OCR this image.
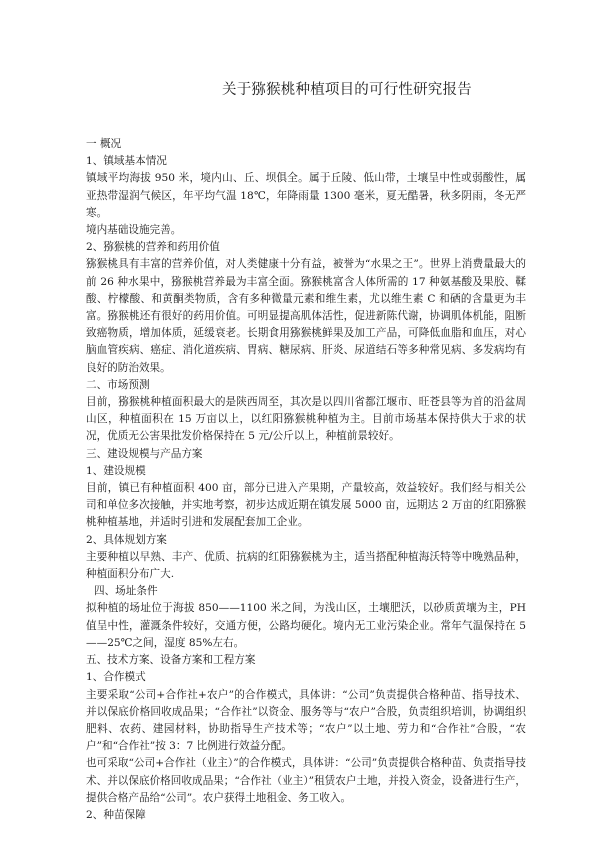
关于猕猴桃种植项目的可行性研究报告

一 概况

1、镇域基本情况

镇域平均海拔 950 米，境内山、丘、坝俱全。属于丘陵、低山带，土壤呈中性或弱酸性，属亚热带湿润气候区，年平均气温 18℃，年降雨量 1300 毫米，夏无酷暑，秋多阴雨，冬无严寒。

境内基础设施完善。

2、猕猴桃的营养和药用价值

猕猴桃具有丰富的营养价值，对人类健康十分有益，被誉为“水果之王”。世界上消费量最大的前 26 种水果中，猕猴桃营养最为丰富全面。猕猴桃富含人体所需的 17 种氨基酸及果胶、鞣酸、柠檬酸、和黄酮类物质，含有多种微量元素和维生素，尤以维生素 C 和硒的含量更为丰富。猕猴桃还有很好的药用价值。可明显提高肌体活性，促进新陈代谢，协调肌体机能，阻断致癌物质，增加体质，延缓衰老。长期食用猕猴桃鲜果及加工产品，可降低血脂和血压，对心脑血管疾病、癌症、消化道疾病、胃病、糖尿病、肝炎、尿道结石等多种常见病、多发病均有良好的防治效果。

二、市场预测

目前，猕猴桃种植面积最大的是陕西周至，其次是以四川省都江堰市、旺苍县等为首的沿盆周山区，种植面积在 15 万亩以上，以红阳猕猴桃种植为主。目前市场基本保持供大于求的状况，优质无公害果批发价格保持在 5 元/公斤以上，种植前景较好。

三、建设规模与产品方案

1、建设规模

目前，镇已有种植面积 400 亩，部分已进入产果期，产量较高，效益较好。我们经与相关公司和单位多次接触，并实地考察，初步达成近期在镇发展 5000 亩，远期达 2 万亩的红阳猕猴桃种植基地，并适时引进和发展配套加工企业。

2、具体规划方案

主要种植以早熟、丰产、优质、抗病的红阳猕猴桃为主，适当搭配种植海沃特等中晚熟品种，种植面积分布广大.

四、场址条件

拟种植的场址位于海拔 850——1100 米之间，为浅山区，土壤肥沃，以砂质黄壤为主，PH 值呈中性，灌溉条件较好，交通方便，公路均硬化。境内无工业污染企业。常年气温保持在 5——25℃之间，湿度 85%左右。

五、技术方案、设备方案和工程方案

1、合作模式

主要采取“公司+合作社+农户”的合作模式，具体讲：“公司”负责提供合格种苗、指导技术、并以保底价格回收成品果；“合作社”以资金、服务等与“农户”合股，负责组织培训，协调组织肥料、农药、建园材料，协助指导生产技术等；“农户”以土地、劳力和“合作社”合股，“农户”和“合作社”按 3：7 比例进行效益分配。

也可采取“公司+合作社（业主）”的合作模式，具体讲：“公司”负责提供合格种苗、负责指导技术、并以保底价格回收成品果；“合作社（业主）”租赁农户土地，并投入资金，设备进行生产，提供合格产品给“公司”。农户获得土地租金、务工收入。

2、种苗保障
